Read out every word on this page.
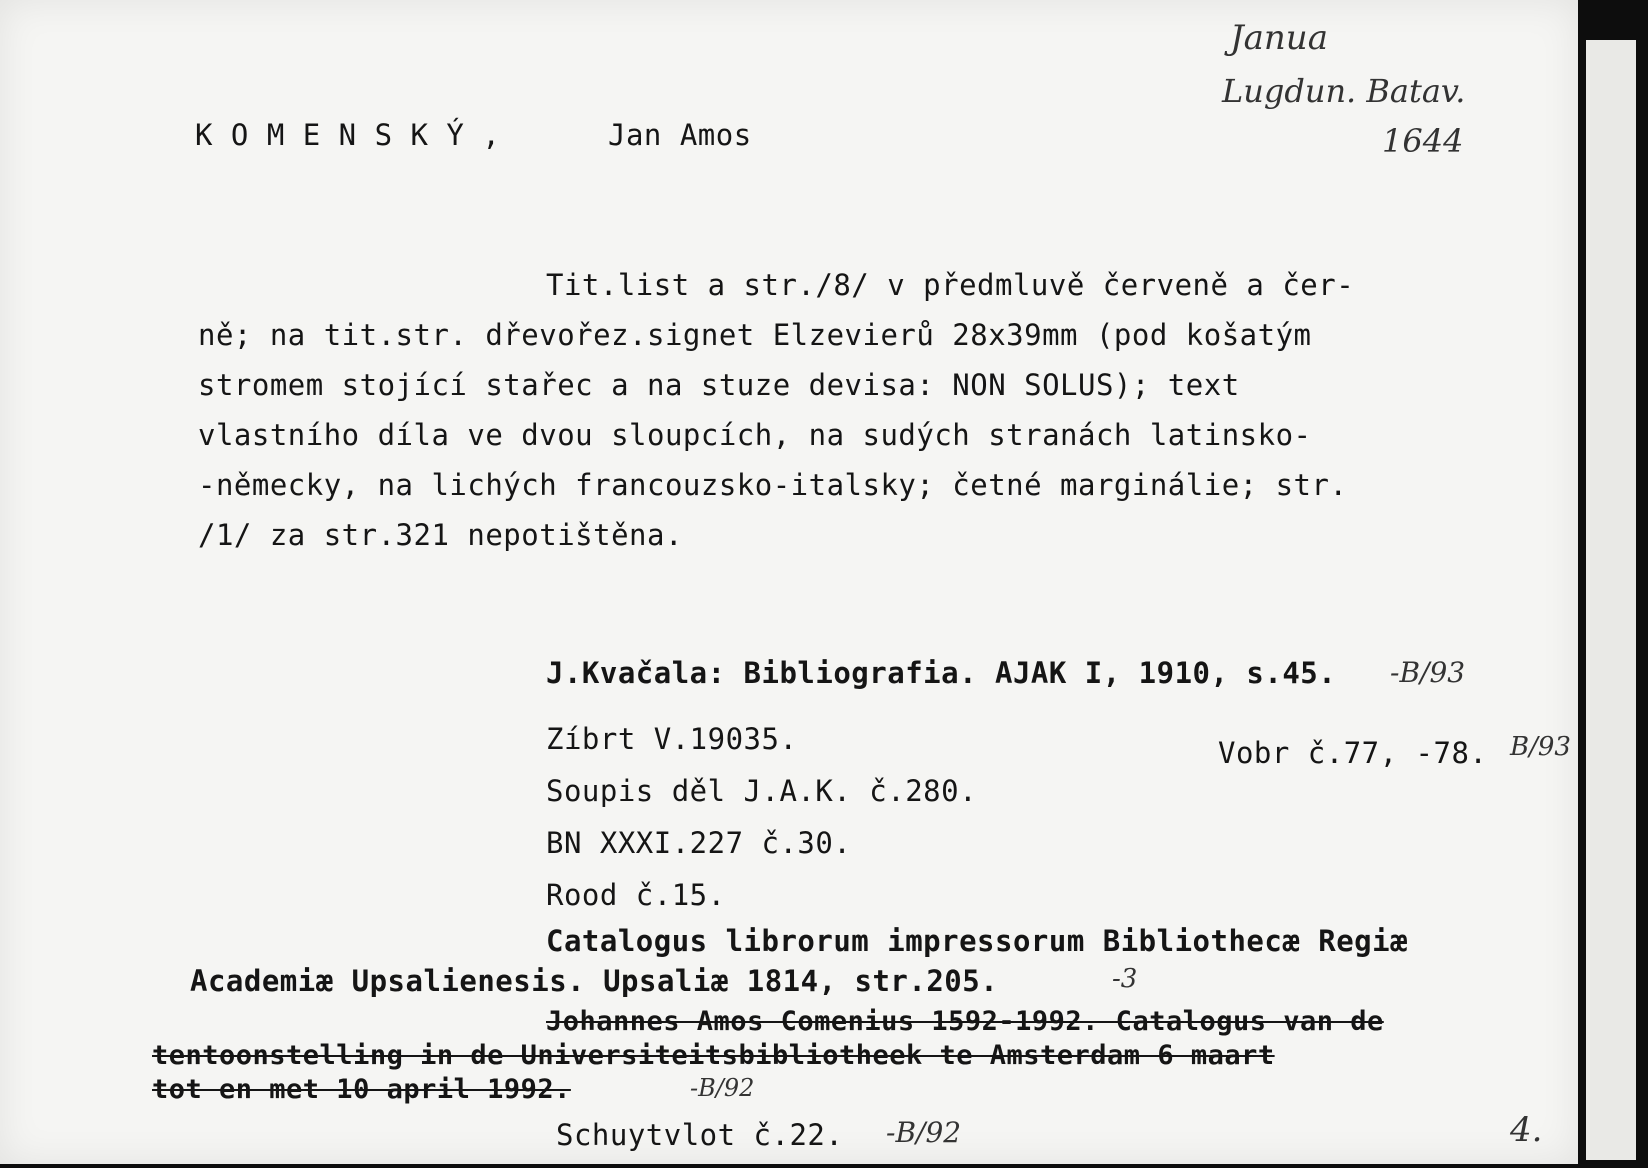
K O M E N S K Ý ,	Jan Amos
Janua
Lugdun. Batav.
1644
Tit.list a str./8/ v předmluvě červeně a čer-
ně; na tit.str. dřevořez.signet Elzevierů 28x39mm (pod košatým
stromem stojící stařec a na stuze devisa: NON SOLUS); text
vlastního díla ve dvou sloupcích, na sudých stranách latinsko-
-německy, na lichých francouzsko-italsky; četné marginálie; str.
/1/ za str.321 nepotištěna.
J.Kvačala: Bibliografia. AJAK I, 1910, s.45. -B/93
Zíbrt V.19035.	Vobr č.77, -78. B/93
Soupis děl J.A.K. č.280.
BN XXXI.227 č.30.
Rood č.15.
Catalogus librorum impressorum Bibliothecæ Regiæ
Academiæ Upsalienesis. Upsaliæ 1814, str.205.	-3
Johannes Amos Comenius 1592-1992. Catalogus van de
tentoonstelling in de Universiteitsbibliotheek te Amsterdam 6 maart
tot en met 10 april 1992.	-B/92
Schuytvlot č.22. -B/92	4.
